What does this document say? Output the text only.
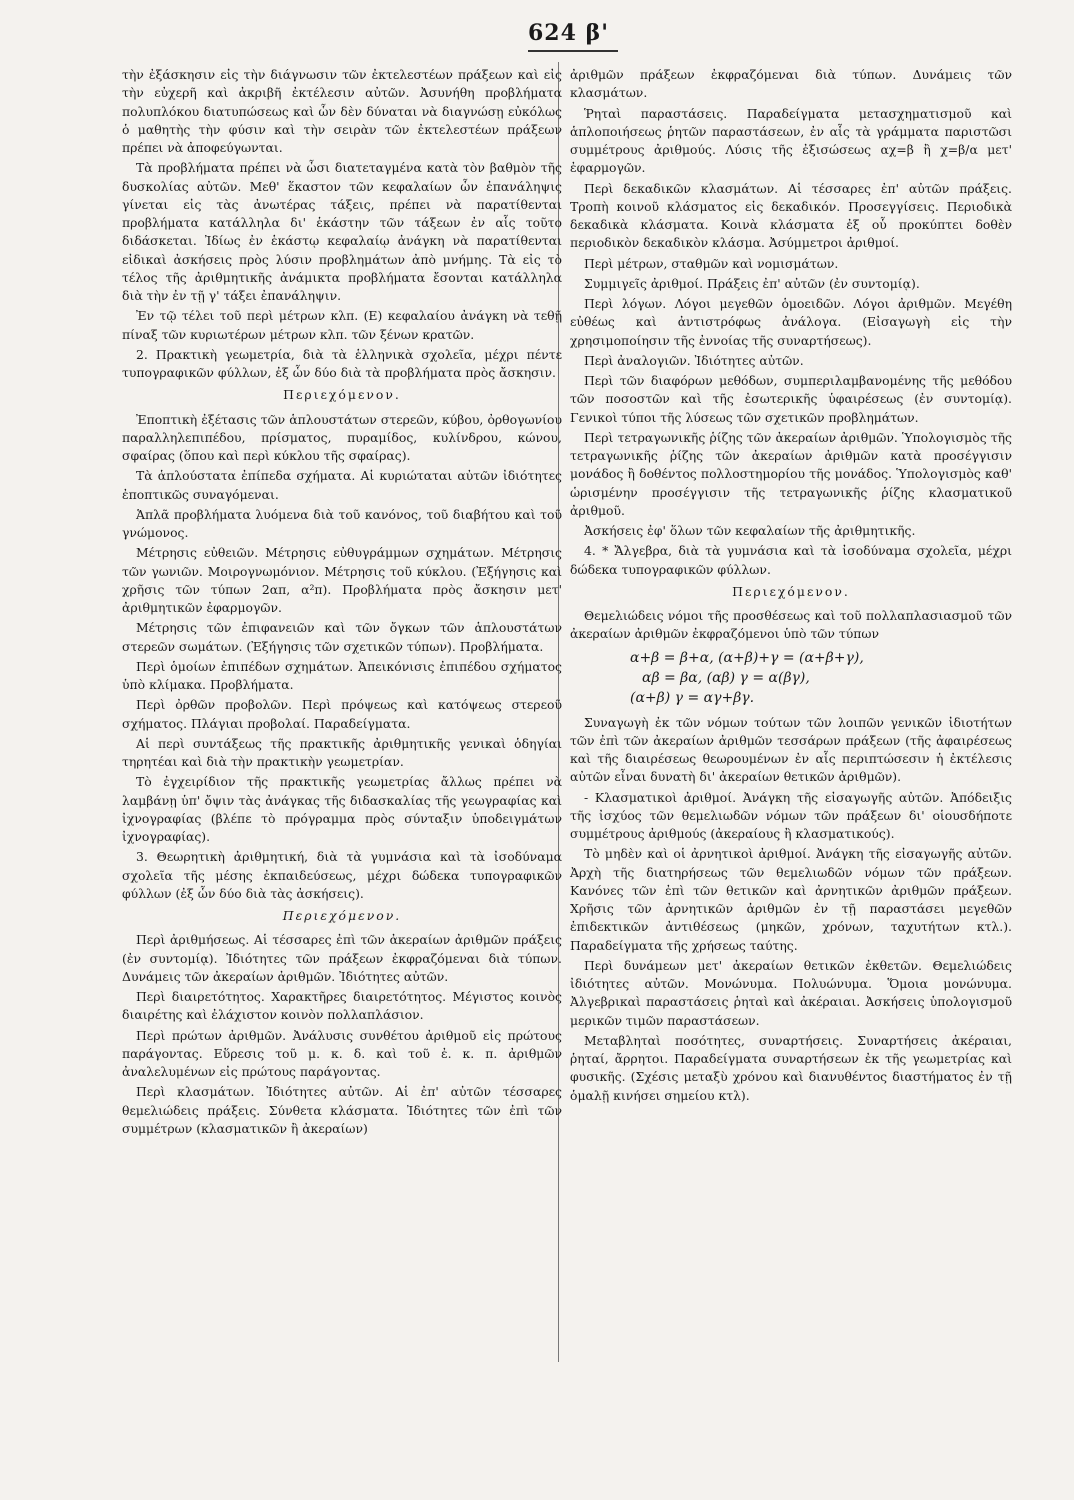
624 β'

τὴν ἐξάσκησιν εἰς τὴν διάγνωσιν τῶν ἐκτελεστέων πράξεων καὶ εἰς τὴν εὐχερῆ καὶ ἀκριβῆ ἐκτέλεσιν αὐτῶν. Ἀσυνήθη προβλήματα πολυπλόκου διατυπώσεως καὶ ὧν δὲν δύναται νὰ διαγνώσῃ εὐκόλως ὁ μαθητὴς τὴν φύσιν καὶ τὴν σειρὰν τῶν ἐκτελεστέων πράξεων πρέπει νὰ ἀποφεύγωνται.

Τὰ προβλήματα πρέπει νὰ ὦσι διατεταγμένα κατὰ τὸν βαθμὸν τῆς δυσκολίας αὐτῶν. Μεθ' ἕκαστον τῶν κεφαλαίων ὧν ἐπανάληψις γίνεται εἰς τὰς ἀνωτέρας τάξεις, πρέπει νὰ παρατίθενται προβλήματα κατάλληλα δι' ἑκάστην τῶν τάξεων ἐν αἷς τοῦτο διδάσκεται. Ἰδίως ἐν ἑκάστῳ κεφαλαίῳ ἀνάγκη νὰ παρατίθενται εἰδικαὶ ἀσκήσεις πρὸς λύσιν προβλημάτων ἀπὸ μνήμης. Τὰ εἰς τὸ τέλος τῆς ἀριθμητικῆς ἀνάμικτα προβλήματα ἔσονται κατάλληλα διὰ τὴν ἐν τῇ γ' τάξει ἐπανάληψιν.

Ἐν τῷ τέλει τοῦ περὶ μέτρων κλπ. (Ε) κεφαλαίου ἀνάγκη νὰ τεθῇ πίναξ τῶν κυριωτέρων μέτρων κλπ. τῶν ξένων κρατῶν.

2. Πρακτικὴ γεωμετρία, διὰ τὰ ἑλληνικὰ σχολεῖα, μέχρι πέντε τυπογραφικῶν φύλλων, ἐξ ὧν δύο διὰ τὰ προβλήματα πρὸς ἄσκησιν.

Περιεχόμενον.

Ἐποπτικὴ ἐξέτασις τῶν ἁπλουστάτων στερεῶν, κύβου, ὀρθογωνίου παραλληλεπιπέδου, πρίσματος, πυραμίδος, κυλίνδρου, κώνου, σφαίρας (ὅπου καὶ περὶ κύκλου τῆς σφαίρας).

Τὰ ἁπλούστατα ἐπίπεδα σχήματα. Αἱ κυριώταται αὐτῶν ἰδιότητες ἐποπτικῶς συναγόμεναι.

Ἁπλᾶ προβλήματα λυόμενα διὰ τοῦ κανόνος, τοῦ διαβήτου καὶ τοῦ γνώμονος.

Μέτρησις εὐθειῶν. Μέτρησις εὐθυγράμμων σχημάτων. Μέτρησις τῶν γωνιῶν. Μοιρογνωμόνιον. Μέτρησις τοῦ κύκλου. (Ἐξήγησις καὶ χρῆσις τῶν τύπων 2απ, α²π). Προβλήματα πρὸς ἄσκησιν μετ' ἀριθμητικῶν ἐφαρμογῶν.

Μέτρησις τῶν ἐπιφανειῶν καὶ τῶν ὄγκων τῶν ἁπλουστάτων στερεῶν σωμάτων. (Ἐξήγησις τῶν σχετικῶν τύπων). Προβλήματα.

Περὶ ὁμοίων ἐπιπέδων σχημάτων. Ἀπεικόνισις ἐπιπέδου σχήματος ὑπὸ κλίμακα. Προβλήματα.

Περὶ ὀρθῶν προβολῶν. Περὶ πρόψεως καὶ κατόψεως στερεοῦ σχήματος. Πλάγιαι προβολαί. Παραδείγματα.

Αἱ περὶ συντάξεως τῆς πρακτικῆς ἀριθμητικῆς γενικαὶ ὁδηγίαι τηρητέαι καὶ διὰ τὴν πρακτικὴν γεωμετρίαν.

Τὸ ἐγχειρίδιον τῆς πρακτικῆς γεωμετρίας ἄλλως πρέπει νὰ λαμβάνῃ ὑπ' ὄψιν τὰς ἀνάγκας τῆς διδασκαλίας τῆς γεωγραφίας καὶ ἰχνογραφίας (βλέπε τὸ πρόγραμμα πρὸς σύνταξιν ὑποδειγμάτων ἰχνογραφίας).

3. Θεωρητικὴ ἀριθμητική, διὰ τὰ γυμνάσια καὶ τὰ ἰσοδύναμα σχολεῖα τῆς μέσης ἐκπαιδεύσεως, μέχρι δώδεκα τυπογραφικῶν φύλλων (ἐξ ὧν δύο διὰ τὰς ἀσκήσεις).

Περιεχόμενον.

Περὶ ἀριθμήσεως. Αἱ τέσσαρες ἐπὶ τῶν ἀκεραίων ἀριθμῶν πράξεις (ἐν συντομίᾳ). Ἰδιότητες τῶν πράξεων ἐκφραζόμεναι διὰ τύπων. Δυνάμεις τῶν ἀκεραίων ἀριθμῶν. Ἰδιότητες αὐτῶν.

Περὶ διαιρετότητος. Χαρακτῆρες διαιρετότητος. Μέγιστος κοινὸς διαιρέτης καὶ ἐλάχιστον κοινὸν πολλαπλάσιον.

Περὶ πρώτων ἀριθμῶν. Ἀνάλυσις συνθέτου ἀριθμοῦ εἰς πρώτους παράγοντας. Εὕρεσις τοῦ μ. κ. δ. καὶ τοῦ ἐ. κ. π. ἀριθμῶν ἀναλελυμένων εἰς πρώτους παράγοντας.

Περὶ κλασμάτων. Ἰδιότητες αὐτῶν. Αἱ ἐπ' αὐτῶν τέσσαρες θεμελιώδεις πράξεις. Σύνθετα κλάσματα. Ἰδιότητες τῶν ἐπὶ τῶν συμμέτρων (κλασματικῶν ἢ ἀκεραίων)

ἀριθμῶν πράξεων ἐκφραζόμεναι διὰ τύπων. Δυνάμεις τῶν κλασμάτων.

Ῥηταὶ παραστάσεις. Παραδείγματα μετασχηματισμοῦ καὶ ἁπλοποιήσεως ῥητῶν παραστάσεων, ἐν αἷς τὰ γράμματα παριστῶσι συμμέτρους ἀριθμούς. Λύσις τῆς ἐξισώσεως αχ=β ἢ χ=β/α μετ' ἐφαρμογῶν.

Περὶ δεκαδικῶν κλασμάτων. Αἱ τέσσαρες ἐπ' αὐτῶν πράξεις. Τροπὴ κοινοῦ κλάσματος εἰς δεκαδικόν. Προσεγγίσεις. Περιοδικὰ δεκαδικὰ κλάσματα. Κοινὰ κλάσματα ἐξ οὗ προκύπτει δοθὲν περιοδικὸν δεκαδικὸν κλάσμα. Ἀσύμμετροι ἀριθμοί.

Περὶ μέτρων, σταθμῶν καὶ νομισμάτων.

Συμμιγεῖς ἀριθμοί. Πράξεις ἐπ' αὐτῶν (ἐν συντομίᾳ).

Περὶ λόγων. Λόγοι μεγεθῶν ὁμοειδῶν. Λόγοι ἀριθμῶν. Μεγέθη εὐθέως καὶ ἀντιστρόφως ἀνάλογα. (Εἰσαγωγὴ εἰς τὴν χρησιμοποίησιν τῆς ἐννοίας τῆς συναρτήσεως).

Περὶ ἀναλογιῶν. Ἰδιότητες αὐτῶν.

Περὶ τῶν διαφόρων μεθόδων, συμπεριλαμβανομένης τῆς μεθόδου τῶν ποσοστῶν καὶ τῆς ἐσωτερικῆς ὑφαιρέσεως (ἐν συντομίᾳ). Γενικοὶ τύποι τῆς λύσεως τῶν σχετικῶν προβλημάτων.

Περὶ τετραγωνικῆς ῥίζης τῶν ἀκεραίων ἀριθμῶν. Ὑπολογισμὸς τῆς τετραγωνικῆς ῥίζης τῶν ἀκεραίων ἀριθμῶν κατὰ προσέγγισιν μονάδος ἢ δοθέντος πολλοστημορίου τῆς μονάδος. Ὑπολογισμὸς καθ' ὡρισμένην προσέγγισιν τῆς τετραγωνικῆς ῥίζης κλασματικοῦ ἀριθμοῦ.

Ἀσκήσεις ἐφ' ὅλων τῶν κεφαλαίων τῆς ἀριθμητικῆς.

4. * Ἄλγεβρα, διὰ τὰ γυμνάσια καὶ τὰ ἰσοδύναμα σχολεῖα, μέχρι δώδεκα τυπογραφικῶν φύλλων.

Περιεχόμενον.

Θεμελιώδεις νόμοι τῆς προσθέσεως καὶ τοῦ πολλαπλασιασμοῦ τῶν ἀκεραίων ἀριθμῶν ἐκφραζόμενοι ὑπὸ τῶν τύπων

α+β = β+α, (α+β)+γ = (α+β+γ),
αβ = βα, (αβ) γ = α(βγ),
(α+β) γ = αγ+βγ.

Συναγωγὴ ἐκ τῶν νόμων τούτων τῶν λοιπῶν γενικῶν ἰδιοτήτων τῶν ἐπὶ τῶν ἀκεραίων ἀριθμῶν τεσσάρων πράξεων (τῆς ἀφαιρέσεως καὶ τῆς διαιρέσεως θεωρουμένων ἐν αἷς περιπτώσεσιν ἡ ἐκτέλεσις αὐτῶν εἶναι δυνατὴ δι' ἀκεραίων θετικῶν ἀριθμῶν).

- Κλασματικοὶ ἀριθμοί. Ἀνάγκη τῆς εἰσαγωγῆς αὐτῶν. Ἀπόδειξις τῆς ἰσχύος τῶν θεμελιωδῶν νόμων τῶν πράξεων δι' οἱουσδήποτε συμμέτρους ἀριθμούς (ἀκεραίους ἢ κλασματικούς).

Τὸ μηδὲν καὶ οἱ ἀρνητικοὶ ἀριθμοί. Ἀνάγκη τῆς εἰσαγωγῆς αὐτῶν. Ἀρχὴ τῆς διατηρήσεως τῶν θεμελιωδῶν νόμων τῶν πράξεων. Κανόνες τῶν ἐπὶ τῶν θετικῶν καὶ ἀρνητικῶν ἀριθμῶν πράξεων. Χρῆσις τῶν ἀρνητικῶν ἀριθμῶν ἐν τῇ παραστάσει μεγεθῶν ἐπιδεκτικῶν ἀντιθέσεως (μηκῶν, χρόνων, ταχυτήτων κτλ.). Παραδείγματα τῆς χρήσεως ταύτης.

Περὶ δυνάμεων μετ' ἀκεραίων θετικῶν ἐκθετῶν. Θεμελιώδεις ἰδιότητες αὐτῶν. Μονώνυμα. Πολυώνυμα. Ὅμοια μονώνυμα. Ἀλγεβρικαὶ παραστάσεις ῥηταὶ καὶ ἀκέραιαι. Ἀσκήσεις ὑπολογισμοῦ μερικῶν τιμῶν παραστάσεων.

Μεταβληταὶ ποσότητες, συναρτήσεις. Συναρτήσεις ἀκέραιαι, ῥηταί, ἄρρητοι. Παραδείγματα συναρτήσεων ἐκ τῆς γεωμετρίας καὶ φυσικῆς. (Σχέσις μεταξὺ χρόνου καὶ διανυθέντος διαστήματος ἐν τῇ ὁμαλῇ κινήσει σημείου κτλ).
